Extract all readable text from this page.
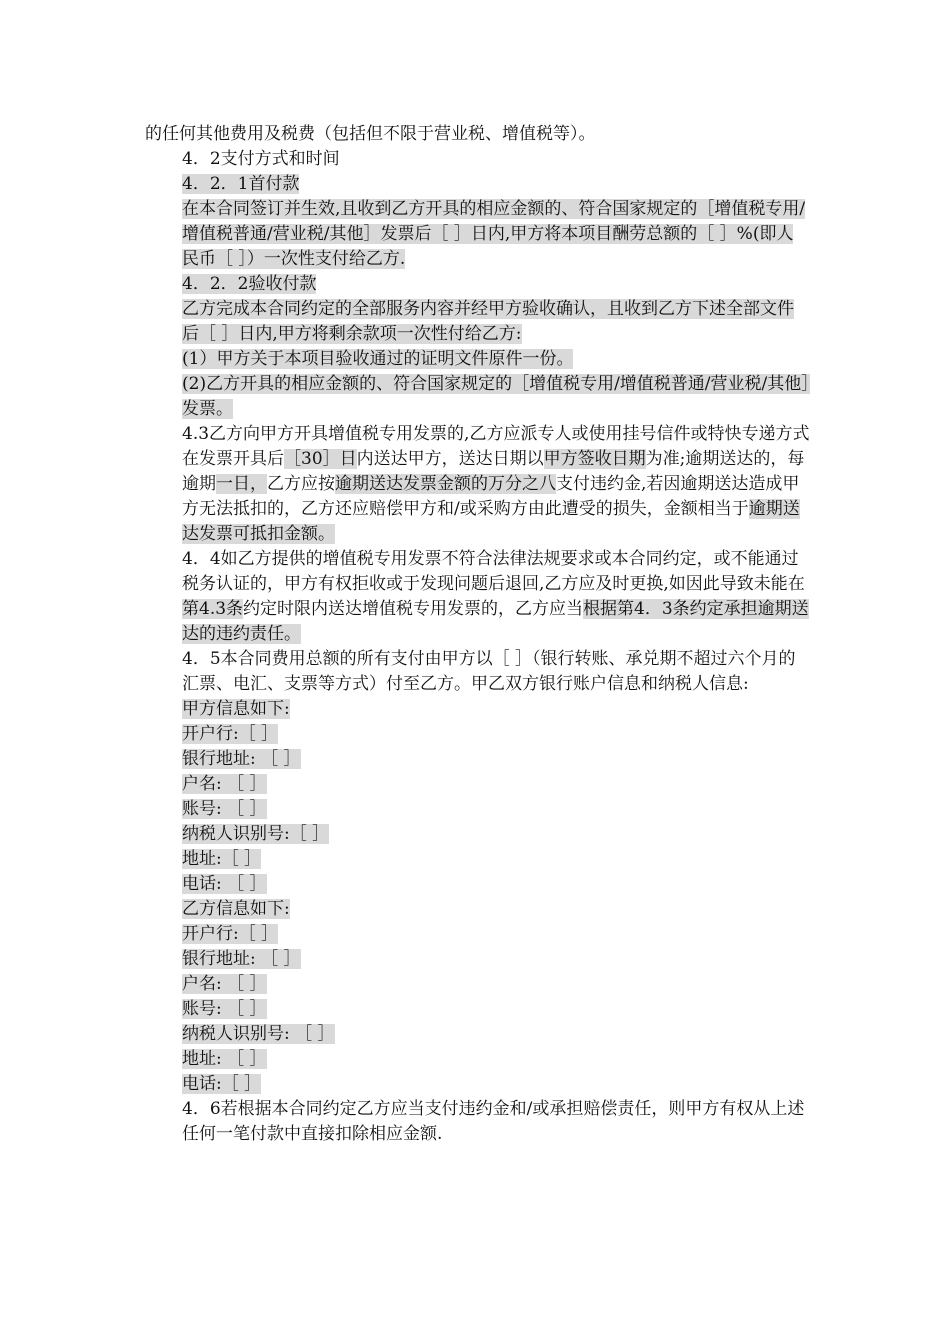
的任何其他费用及税费（包括但不限于营业税、增值税等）。

4．2支付方式和时间

4．2．1首付款

在本合同签订并生效,且收到乙方开具的相应金额的、符合国家规定的［增值税专用/增值税普通/营业税/其他］发票后［ ］日内,甲方将本项目酬劳总额的［ ］%(即人民币［ ］）一次性支付给乙方.

4．2．2验收付款

乙方完成本合同约定的全部服务内容并经甲方验收确认，且收到乙方下述全部文件后［ ］日内,甲方将剩余款项一次性付给乙方:

(1）甲方关于本项目验收通过的证明文件原件一份。

(2)乙方开具的相应金额的、符合国家规定的［增值税专用/增值税普通/营业税/其他］发票。

4.3乙方向甲方开具增值税专用发票的,乙方应派专人或使用挂号信件或特快专递方式在发票开具后［30］日内送达甲方，送达日期以甲方签收日期为准;逾期送达的，每逾期一日，乙方应按逾期送达发票金额的万分之八支付违约金,若因逾期送达造成甲方无法抵扣的，乙方还应赔偿甲方和/或采购方由此遭受的损失，金额相当于逾期送达发票可抵扣金额。

4．4如乙方提供的增值税专用发票不符合法律法规要求或本合同约定，或不能通过税务认证的，甲方有权拒收或于发现问题后退回,乙方应及时更换,如因此导致未能在第4.3条约定时限内送达增值税专用发票的，乙方应当根据第4．3条约定承担逾期送达的违约责任。

4．5本合同费用总额的所有支付由甲方以［ ］（银行转账、承兑期不超过六个月的汇票、电汇、支票等方式）付至乙方。甲乙双方银行账户信息和纳税人信息:

甲方信息如下:

开户行:［ ］

银行地址: ［ ］

户名: ［ ］

账号: ［ ］

纳税人识别号:［ ］

地址:［ ］

电话: ［ ］

乙方信息如下:

开户行:［ ］

银行地址: ［ ］

户名: ［ ］

账号: ［ ］

纳税人识别号: ［ ］

地址: ［ ］

电话:［ ］

4．6若根据本合同约定乙方应当支付违约金和/或承担赔偿责任，则甲方有权从上述任何一笔付款中直接扣除相应金额.
